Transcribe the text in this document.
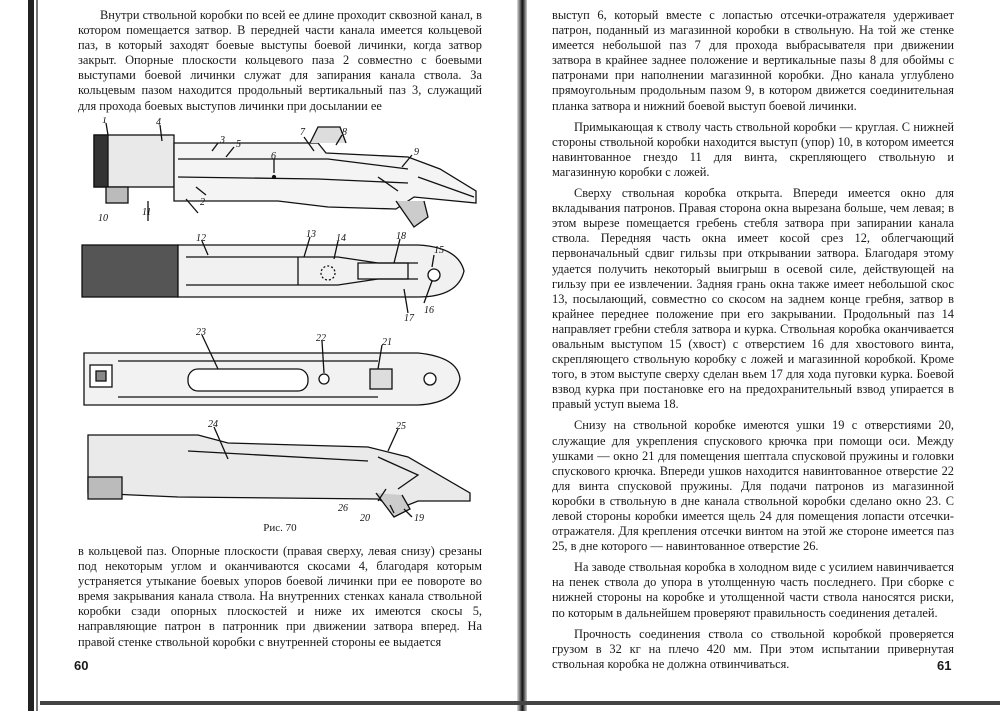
Внутри ствольной коробки по всей ее длине проходит сквозной канал, в котором помещается затвор. В передней части канала имеется кольцевой паз, в который заходят боевые выступы боевой личинки, когда затвор закрыт. Опорные плоскости кольцевого паза 2 совместно с боевыми выступами боевой личинки служат для запирания канала ствола. За кольцевым пазом находится продольный вертикальный паз 3, служащий для прохода боевых выступов личинки при досылании ее

1	4
3 5
6
7	8
9
10
11
2
12	13 14	18
15
17
16
23
22	21
24	25
26
20	19
Рис. 70

в кольцевой паз. Опорные плоскости (правая сверху, левая снизу) срезаны под некоторым углом и оканчиваются скосами 4, благодаря которым устраняется утыкание боевых упоров боевой личинки при ее повороте во время закрывания канала ствола. На внутренних стенках канала ствольной коробки сзади опорных плоскостей и ниже их имеются скосы 5, направляющие патрон в патронник при движении затвора вперед. На правой стенке ствольной коробки с внутренней стороны ее выдается

60

выступ 6, который вместе с лопастью отсечки-отражателя удерживает патрон, поданный из магазинной коробки в ствольную. На той же стенке имеется небольшой паз 7 для прохода выбрасывателя при движении затвора в крайнее заднее положение и вертикальные пазы 8 для обоймы с патронами при наполнении магазинной коробки. Дно канала углублено прямоугольным продольным пазом 9, в котором движется соединительная планка затвора и нижний боевой выступ боевой личинки.

Примыкающая к стволу часть ствольной коробки — круглая. С нижней стороны ствольной коробки находится выступ (упор) 10, в котором имеется навинтованное гнездо 11 для винта, скрепляющего ствольную и магазинную коробки с ложей.

Сверху ствольная коробка открыта. Впереди имеется окно для вкладывания патронов. Правая сторона окна вырезана больше, чем левая; в этом вырезе помещается гребень стебля затвора при запирании канала ствола. Передняя часть окна имеет косой срез 12, облегчающий первоначальный сдвиг гильзы при открывании затвора. Благодаря этому удается получить некоторый выигрыш в осевой силе, действующей на гильзу при ее извлечении. Задняя грань окна также имеет небольшой скос 13, посылающий, совместно со скосом на заднем конце гребня, затвор в крайнее переднее положение при его закрывании. Продольный паз 14 направляет гребни стебля затвора и курка. Ствольная коробка оканчивается овальным выступом 15 (хвост) с отверстием 16 для хвостового винта, скрепляющего ствольную коробку с ложей и магазинной коробкой. Кроме того, в этом выступе сверху сделан вьем 17 для хода пуговки курка. Боевой взвод курка при постановке его на предохранительный взвод упирается в правый уступ выема 18.

Снизу на ствольной коробке имеются ушки 19 с отверстиями 20, служащие для укрепления спускового крючка при помощи оси. Между ушками — окно 21 для помещения шептала спусковой пружины и головки спускового крючка. Впереди ушков находится навинтованное отверстие 22 для винта спусковой пружины. Для подачи патронов из магазинной коробки в ствольную в дне канала ствольной коробки сделано окно 23. С левой стороны коробки имеется щель 24 для помещения лопасти отсечки-отражателя. Для крепления отсечки винтом на этой же стороне имеется паз 25, в дне которого — навинтованное отверстие 26.

На заводе ствольная коробка в холодном виде с усилием навинчивается на пенек ствола до упора в утолщенную часть последнего. При сборке с нижней стороны на коробке и утолщенной части ствола наносятся риски, по которым в дальнейшем проверяют правильность соединения деталей.

Прочность соединения ствола со ствольной коробкой проверяется грузом в 32 кг на плечо 420 мм. При этом испытании привернутая ствольная коробка не должна отвинчиваться.	61
